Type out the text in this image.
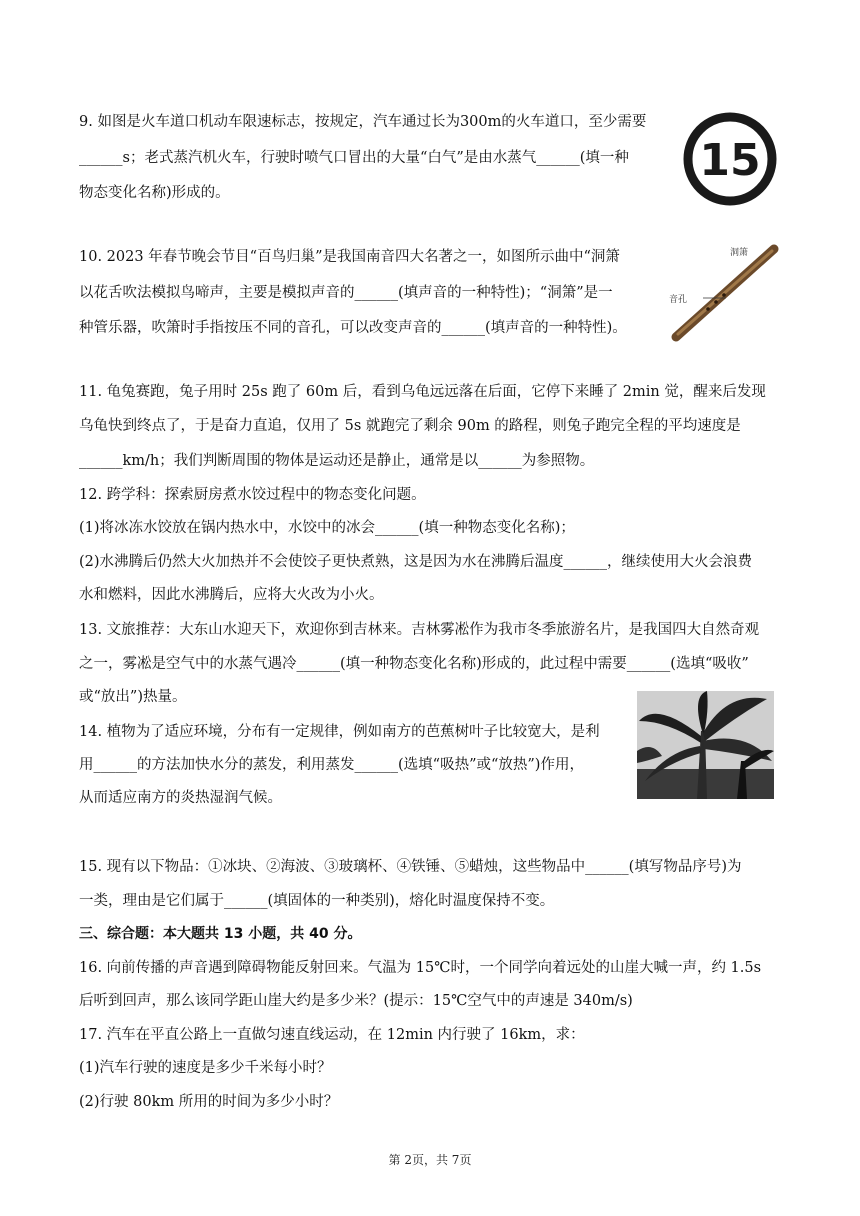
9. 如图是火车道口机动车限速标志，按规定，汽车通过长为300m的火车道口，至少需要
______s；老式蒸汽机火车，行驶时喷气口冒出的大量“白气”是由水蒸气______(填一种
物态变化名称)形成的。
15
10. 2023 年春节晚会节目“百鸟归巢”是我国南音四大名著之一，如图所示曲中“洞箫
以花舌吹法模拟鸟啼声，主要是模拟声音的______(填声音的一种特性)；“洞箫”是一
种管乐器，吹箫时手指按压不同的音孔，可以改变声音的______(填声音的一种特性)。
洞箫
音孔
11. 龟兔赛跑，兔子用时 25s 跑了 60m 后，看到乌龟远远落在后面，它停下来睡了 2min 觉，醒来后发现
乌龟快到终点了，于是奋力直追，仅用了 5s 就跑完了剩余 90m 的路程，则兔子跑完全程的平均速度是
______km/h；我们判断周围的物体是运动还是静止，通常是以______为参照物。
12. 跨学科：探索厨房煮水饺过程中的物态变化问题。
(1)将冰冻水饺放在锅内热水中，水饺中的冰会______(填一种物态变化名称)；
(2)水沸腾后仍然大火加热并不会使饺子更快煮熟，这是因为水在沸腾后温度______，继续使用大火会浪费
水和燃料，因此水沸腾后，应将大火改为小火。
13. 文旅推荐：大东山水迎天下，欢迎你到吉林来。吉林雾凇作为我市冬季旅游名片，是我国四大自然奇观
之一，雾凇是空气中的水蒸气遇冷______(填一种物态变化名称)形成的，此过程中需要______(选填“吸收”
或“放出”)热量。
14. 植物为了适应环境，分布有一定规律，例如南方的芭蕉树叶子比较宽大，是利
用______的方法加快水分的蒸发，利用蒸发______(选填“吸热”或“放热”)作用，
从而适应南方的炎热湿润气候。
15. 现有以下物品：①冰块、②海波、③玻璃杯、④铁锤、⑤蜡烛，这些物品中______(填写物品序号)为
一类，理由是它们属于______(填固体的一种类别)，熔化时温度保持不变。
三、综合题：本大题共 13 小题，共 40 分。
16. 向前传播的声音遇到障碍物能反射回来。气温为 15℃时，一个同学向着远处的山崖大喊一声，约 1.5s
后听到回声，那么该同学距山崖大约是多少米？(提示：15℃空气中的声速是 340m/s)
17. 汽车在平直公路上一直做匀速直线运动，在 12min 内行驶了 16km，求：
(1)汽车行驶的速度是多少千米每小时？
(2)行驶 80km 所用的时间为多少小时？
第 2页，共 7页
